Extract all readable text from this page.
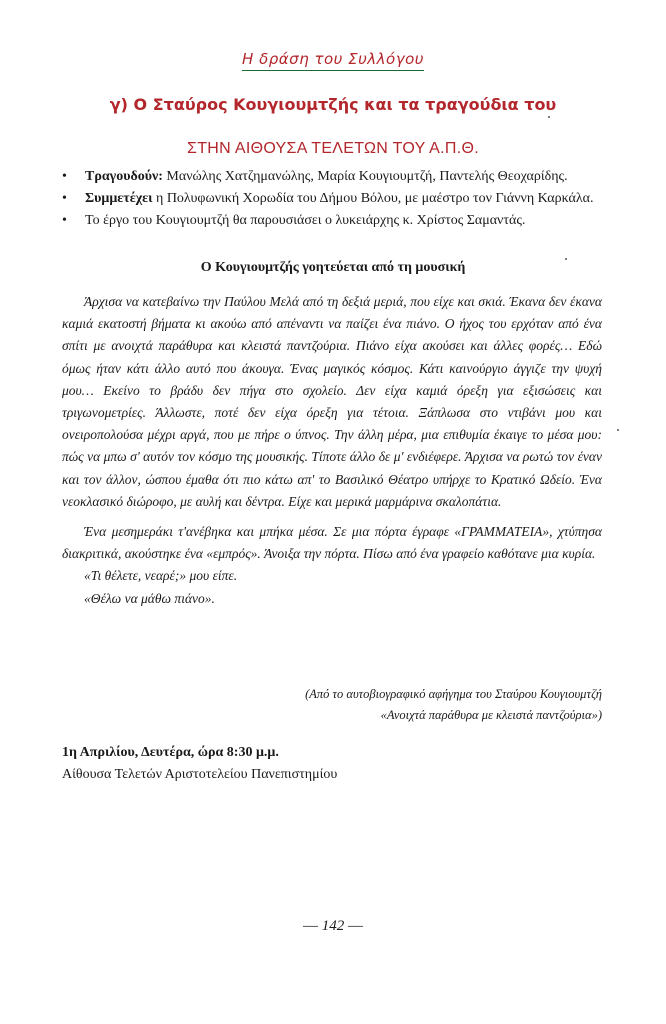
Η δράση του Συλλόγου
γ) Ο Σταύρος Κουγιουμτζής και τα τραγούδια του
ΣΤΗΝ ΑΙΘΟΥΣΑ ΤΕΛΕΤΩΝ ΤΟΥ Α.Π.Θ.
• Τραγουδούν: Μανώλης Χατζημανώλης, Μαρία Κουγιουμτζή, Παντελής Θεοχαρίδης.
• Συμμετέχει η Πολυφωνική Χορωδία του Δήμου Βόλου, με μαέστρο τον Γιάννη Καρκάλα.
• Το έργο του Κουγιουμτζή θα παρουσιάσει ο λυκειάρχης κ. Χρίστος Σαμαντάς.
Ο Κουγιουμτζής γοητεύεται από τη μουσική

Άρχισα να κατεβαίνω την Παύλου Μελά από τη δεξιά μεριά, που είχε και σκιά. Έκανα δεν έκανα καμιά εκατοστή βήματα κι ακούω από απέναντι να παίζει ένα πιάνο. Ο ήχος του ερχόταν από ένα σπίτι με ανοιχτά παράθυρα και κλειστά παντζούρια. Πιάνο είχα ακούσει και άλλες φορές… Εδώ όμως ήταν κάτι άλλο αυτό που άκουγα. Ένας μαγικός κόσμος. Κάτι καινούργιο άγγιζε την ψυχή μου… Εκείνο το βράδυ δεν πήγα στο σχολείο. Δεν είχα καμιά όρεξη για εξισώσεις και τριγωνομετρίες. Άλλωστε, ποτέ δεν είχα όρεξη για τέτοια. Ξάπλωσα στο ντιβάνι μου και ονειροπολούσα μέχρι αργά, που με πήρε ο ύπνος. Την άλλη μέρα, μια επιθυμία έκαιγε το μέσα μου: πώς να μπω σ' αυτόν τον κόσμο της μουσικής. Τίποτε άλλο δε μ' ενδιέφερε. Άρχισα να ρωτώ τον έναν και τον άλλον, ώσπου έμαθα ότι πιο κάτω απ' το Βασιλικό Θέατρο υπήρχε το Κρατικό Ωδείο. Ένα νεοκλασικό διώροφο, με αυλή και δέντρα. Είχε και μερικά μαρμάρινα σκαλοπάτια.

Ένα μεσημεράκι τ'ανέβηκα και μπήκα μέσα. Σε μια πόρτα έγραφε «ΓΡΑΜΜΑΤΕΙΑ», χτύπησα διακριτικά, ακούστηκε ένα «εμπρός». Άνοιξα την πόρτα. Πίσω από ένα γραφείο καθότανε μια κυρία.

«Τι θέλετε, νεαρέ;» μου είπε.

«Θέλω να μάθω πιάνο».

(Από το αυτοβιογραφικό αφήγημα του Σταύρου Κουγιουμτζή
«Ανοιχτά παράθυρα με κλειστά παντζούρια»)
1η Απριλίου, Δευτέρα, ώρα 8:30 μ.μ.
Αίθουσα Τελετών Αριστοτελείου Πανεπιστημίου
— 142 —
